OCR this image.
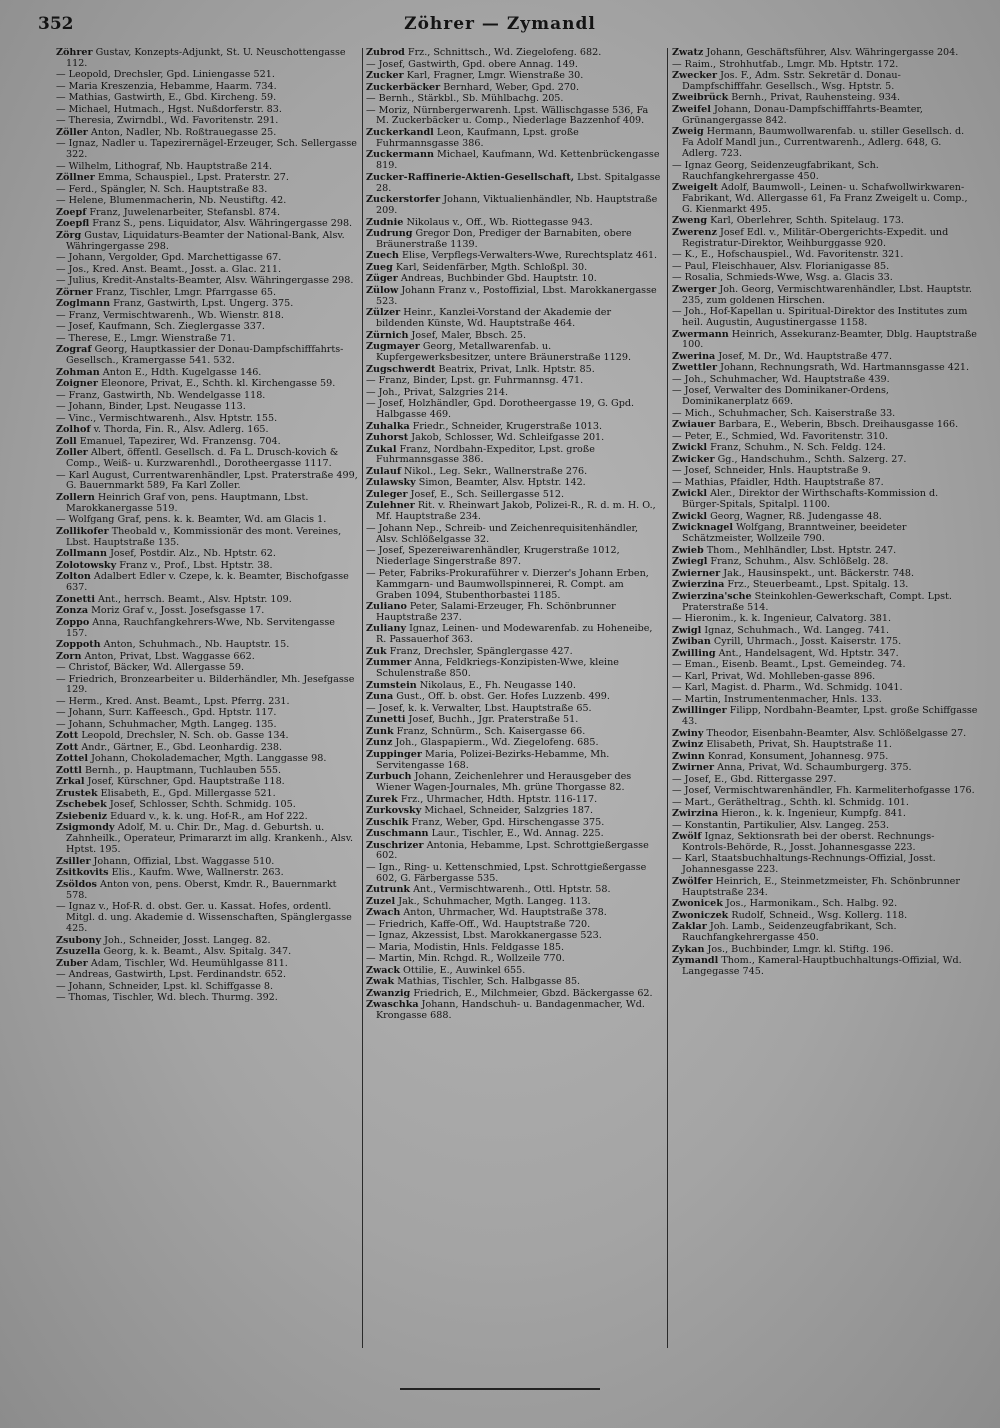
352	Zöhrer — Zymandl
Zöhrer Gustav, Konzepts-Adjunkt, St. U. Neuschottengasse 112.
— Leopold, Drechsler, Gpd. Liniengasse 521.
— Maria Kreszenzia, Hebamme, Haarm. 734.
— Mathias, Gastwirth, E., Gbd. Kircheng. 59.
— Michael, Hutmach., Hgst. Nußdorferstr. 83.
— Theresia, Zwirndbl., Wd. Favoritenstr. 291.
Zöller Anton, Nadler, Nb. Roßtrauegasse 25.
— Ignaz, Nadler u. Tapezirernägel-Erzeuger, Sch. Sellergasse 322.
— Wilhelm, Lithograf, Nb. Hauptstraße 214.
Zöllner Emma, Schauspiel., Lpst. Praterstr. 27.
— Ferd., Spängler, N. Sch. Hauptstraße 83.
— Helene, Blumenmacherin, Nb. Neustiftg. 42.
Zoepf Franz, Juwelenarbeiter, Stefansbl. 874.
Zoepfl Franz S., pens. Liquidator, Alsv. Währingergasse 298.
Zörg Gustav, Liquidaturs-Beamter der National-Bank, Alsv. Währingergasse 298.
— Johann, Vergolder, Gpd. Marchettigasse 67.
— Jos., Kred. Anst. Beamt., Josst. a. Glac. 211.
— Julius, Kredit-Anstalts-Beamter, Alsv. Währingergasse 298.
Zörner Franz, Tischler, Lmgr. Pfarrgasse 65.
Zoglmann Franz, Gastwirth, Lpst. Ungerg. 375.
— Franz, Vermischtwarenh., Wb. Wienstr. 818.
— Josef, Kaufmann, Sch. Zieglergasse 337.
— Therese, E., Lmgr. Wienstraße 71.
Zograf Georg, Hauptkassier der Donau-Dampfschifffahrts-Gesellsch., Kramergasse 541. 532.
Zohman Anton E., Hdth. Kugelgasse 146.
Zoigner Eleonore, Privat, E., Schth. kl. Kirchengasse 59.
— Franz, Gastwirth, Nb. Wendelgasse 118.
— Johann, Binder, Lpst. Neugasse 113.
— Vinc., Vermischtwarenh., Alsv. Hptstr. 155.
Zolhof v. Thorda, Fin. R., Alsv. Adlerg. 165.
Zoll Emanuel, Tapezirer, Wd. Franzensg. 704.
Zoller Albert, öffentl. Gesellsch. d. Fa L. Drusch-kovich & Comp., Weiß- u. Kurzwarenhdl., Dorotheergasse 1117.
— Karl August, Currentwarenhändler, Lpst. Praterstraße 499, G. Bauernmarkt 589, Fa Karl Zoller.
Zollern Heinrich Graf von, pens. Hauptmann, Lbst. Marokkanergasse 519.
— Wolfgang Graf, pens. k. k. Beamter, Wd. am Glacis 1.
Zollikofer Theobald v., Kommissionär des mont. Vereines, Lbst. Hauptstraße 135.
Zollmann Josef, Postdir. Alz., Nb. Hptstr. 62.
Zolotowsky Franz v., Prof., Lbst. Hptstr. 38.
Zolton Adalbert Edler v. Czepe, k. k. Beamter, Bischofgasse 637.
Zonetti Ant., herrsch. Beamt., Alsv. Hptstr. 109.
Zonza Moriz Graf v., Josst. Josefsgasse 17.
Zoppo Anna, Rauchfangkehrers-Wwe, Nb. Servitengasse 157.
Zoppoth Anton, Schuhmach., Nb. Hauptstr. 15.
Zorn Anton, Privat, Lbst. Waggasse 662.
— Christof, Bäcker, Wd. Allergasse 59.
— Friedrich, Bronzearbeiter u. Bilderhändler, Mh. Jesefgasse 129.
— Herm., Kred. Anst. Beamt., Lpst. Pferrg. 231.
— Johann, Surr. Kaffeesch., Gpd. Hptstr. 117.
— Johann, Schuhmacher, Mgth. Langeg. 135.
Zott Leopold, Drechsler, N. Sch. ob. Gasse 134.
Zott Andr., Gärtner, E., Gbd. Leonhardig. 238.
Zottel Johann, Chokolademacher, Mgth. Langgasse 98.
Zottl Bernh., p. Hauptmann, Tuchlauben 555.
Zrkal Josef, Kürschner, Gpd. Hauptstraße 118.
Zrustek Elisabeth, E., Gpd. Millergasse 521.
Zschebek Josef, Schlosser, Schth. Schmidg. 105.
Zsiebeniz Eduard v., k. k. ung. Hof-R., am Hof 222.
Zsigmondy Adolf, M. u. Chir. Dr., Mag. d. Geburtsh. u. Zahnheilk., Operateur, Primararzt im allg. Krankenh., Alsv. Hptst. 195.
Zsiller Johann, Offizial, Lbst. Waggasse 510.
Zsitkovits Elis., Kaufm. Wwe, Wallnerstr. 263.
Zsöldos Anton von, pens. Oberst, Kmdr. R., Bauernmarkt 578.
— Ignaz v., Hof-R. d. obst. Ger. u. Kassat. Hofes, ordentl. Mitgl. d. ung. Akademie d. Wissenschaften, Spänglergasse 425.
Zsubony Joh., Schneider, Josst. Langeg. 82.
Zsuzella Georg, k. k. Beamt., Alsv. Spitalg. 347.
Zuber Adam, Tischler, Wd. Heumühlgasse 811.
— Andreas, Gastwirth, Lpst. Ferdinandstr. 652.
— Johann, Schneider, Lpst. kl. Schiffgasse 8.
— Thomas, Tischler, Wd. blech. Thurmg. 392.
Zubrod Frz., Schnittsch., Wd. Ziegelofeng. 682.
— Josef, Gastwirth, Gpd. obere Annag. 149.
Zucker Karl, Fragner, Lmgr. Wienstraße 30.
Zuckerbäcker Bernhard, Weber, Gpd. 270.
— Bernh., Stärkbl., Sb. Mühlbachg. 205.
— Moriz, Nürnbergerwarenh. Lpst. Wällischgasse 536, Fa M. Zuckerbäcker u. Comp., Niederlage Bazzenhof 409.
Zuckerkandl Leon, Kaufmann, Lpst. große Fuhrmannsgasse 386.
Zuckermann Michael, Kaufmann, Wd. Kettenbrückengasse 819.
Zucker-Raffinerie-Aktien-Gesellschaft, Lbst. Spitalgasse 28.
Zuckerstorfer Johann, Viktualienhändler, Nb. Hauptstraße 209.
Zudnie Nikolaus v., Off., Wb. Riottegasse 943.
Zudrung Gregor Don, Prediger der Barnabiten, obere Bräunerstraße 1139.
Zuech Elise, Verpflegs-Verwalters-Wwe, Rurechtsplatz 461.
Zueg Karl, Seidenfärber, Mgth. Schloßpl. 30.
Züger Andreas, Buchbinder Gbd. Hauptstr. 10.
Zülow Johann Franz v., Postoffizial, Lbst. Marokkanergasse 523.
Zülzer Heinr., Kanzlei-Vorstand der Akademie der bildenden Künste, Wd. Hauptstraße 464.
Zürnich Josef, Maler, Bbsch. 25.
Zugmayer Georg, Metallwarenfab. u. Kupfergewerksbesitzer, untere Bräunerstraße 1129.
Zugschwerdt Beatrix, Privat, Lnlk. Hptstr. 85.
— Franz, Binder, Lpst. gr. Fuhrmannsg. 471.
— Joh., Privat, Salzgries 214.
— Josef, Holzhändler, Gpd. Dorotheergasse 19, G. Gpd. Halbgasse 469.
Zuhalka Friedr., Schneider, Krugerstraße 1013.
Zuhorst Jakob, Schlosser, Wd. Schleifgasse 201.
Zukal Franz, Nordbahn-Expeditor, Lpst. große Fuhrmannsgasse 386.
Zulauf Nikol., Leg. Sekr., Wallnerstraße 276.
Zulawsky Simon, Beamter, Alsv. Hptstr. 142.
Zuleger Josef, E., Sch. Seillergasse 512.
Zulehner Rit. v. Rheinwart Jakob, Polizei-R., R. d. m. H. O., Mf. Hauptstraße 234.
— Johann Nep., Schreib- und Zeichenrequisitenhändler, Alsv. Schlößelgasse 32.
— Josef, Spezereiwarenhändler, Krugerstraße 1012, Niederlage Singerstraße 897.
— Peter, Fabriks-Prokuraführer v. Dierzer's Johann Erben, Kammgarn- und Baumwollspinnerei, R. Compt. am Graben 1094, Stubenthorbastei 1185.
Zuliano Peter, Salami-Erzeuger, Fh. Schönbrunner Hauptstraße 237.
Zuliany Ignaz, Leinen- und Modewarenfab. zu Hoheneibe, R. Passauerhof 363.
Zuk Franz, Drechsler, Spänglergasse 427.
Zummer Anna, Feldkriegs-Konzipisten-Wwe, kleine Schulenstraße 850.
Zumstein Nikolaus, E., Fh. Neugasse 140.
Zuna Gust., Off. b. obst. Ger. Hofes Luzzenb. 499.
— Josef, k. k. Verwalter, Lbst. Hauptstraße 65.
Zunetti Josef, Buchh., Jgr. Praterstraße 51.
Zunk Franz, Schnürm., Sch. Kaisergasse 66.
Zunz Joh., Glaspapierm., Wd. Ziegelofeng. 685.
Zuppinger Maria, Polizei-Bezirks-Hebamme, Mh. Servitengasse 168.
Zurbuch Johann, Zeichenlehrer und Herausgeber des Wiener Wagen-Journales, Mh. grüne Thorgasse 82.
Zurek Frz., Uhrmacher, Hdth. Hptstr. 116-117.
Zurkovsky Michael, Schneider, Salzgries 187.
Zuschik Franz, Weber, Gpd. Hirschengasse 375.
Zuschmann Laur., Tischler, E., Wd. Annag. 225.
Zuschrizer Antonia, Hebamme, Lpst. Schrottgießergasse 602.
— Ign., Ring- u. Kettenschmied, Lpst. Schrottgießergasse 602, G. Färbergasse 535.
Zutrunk Ant., Vermischtwarenh., Ottl. Hptstr. 58.
Zuzel Jak., Schuhmacher, Mgth. Langeg. 113.
Zwach Anton, Uhrmacher, Wd. Hauptstraße 378.
— Friedrich, Kaffe-Off., Wd. Hauptstraße 720.
— Ignaz, Akzessist, Lbst. Marokkanergasse 523.
— Maria, Modistin, Hnls. Feldgasse 185.
— Martin, Min. Rchgd. R., Wollzeile 770.
Zwack Ottilie, E., Auwinkel 655.
Zwak Mathias, Tischler, Sch. Halbgasse 85.
Zwanzig Friedrich, E., Milchmeier, Gbzd. Bäckergasse 62.
Zwaschka Johann, Handschuh- u. Bandagenmacher, Wd. Krongasse 688.
Zwatz Johann, Geschäftsführer, Alsv. Währingergasse 204.
— Raim., Strohhutfab., Lmgr. Mb. Hptstr. 172.
Zwecker Jos. F., Adm. Sstr. Sekretär d. Donau-Dampfschifffahr. Gesellsch., Wsg. Hptstr. 5.
Zweibrück Bernh., Privat, Rauhensteing. 934.
Zweifel Johann, Donau-Dampfschifffahrts-Beamter, Grünangergasse 842.
Zweig Hermann, Baumwollwarenfab. u. stiller Gesellsch. d. Fa Adolf Mandl jun., Currentwarenh., Adlerg. 648, G. Adlerg. 723.
— Ignaz Georg, Seidenzeugfabrikant, Sch. Rauchfangkehrergasse 450.
Zweigelt Adolf, Baumwoll-, Leinen- u. Schafwollwirkwaren-Fabrikant, Wd. Allergasse 61, Fa Franz Zweigelt u. Comp., G. Kienmarkt 495.
Zweng Karl, Oberlehrer, Schth. Spitelaug. 173.
Zwerenz Josef Edl. v., Militär-Obergerichts-Expedit. und Registratur-Direktor, Weihburggasse 920.
— K., E., Hofschauspiel., Wd. Favoritenstr. 321.
— Paul, Fleischhauer, Alsv. Florianigasse 85.
— Rosalia, Schmieds-Wwe, Wsg. a. Glacis 33.
Zwerger Joh. Georg, Vermischtwarenhändler, Lbst. Hauptstr. 235, zum goldenen Hirschen.
— Joh., Hof-Kapellan u. Spiritual-Direktor des Institutes zum heil. Augustin, Augustinergasse 1158.
Zwermann Heinrich, Assekuranz-Beamter, Dblg. Hauptstraße 100.
Zwerina Josef, M. Dr., Wd. Hauptstraße 477.
Zwettler Johann, Rechnungsrath, Wd. Hartmannsgasse 421.
— Joh., Schuhmacher, Wd. Hauptstraße 439.
— Josef, Verwalter des Dominikaner-Ordens, Dominikanerplatz 669.
— Mich., Schuhmacher, Sch. Kaiserstraße 33.
Zwiauer Barbara, E., Weberin, Bbsch. Dreihausgasse 166.
— Peter, E., Schmied, Wd. Favoritenstr. 310.
Zwickl Franz, Schuhm., N. Sch. Feldg. 124.
Zwicker Gg., Handschuhm., Schth. Salzerg. 27.
— Josef, Schneider, Hnls. Hauptstraße 9.
— Mathias, Pfaidler, Hdth. Hauptstraße 87.
Zwickl Aler., Direktor der Wirthschafts-Kommission d. Bürger-Spitals, Spitalpl. 1100.
Zwickl Georg, Wagner, Rß. Judengasse 48.
Zwicknagel Wolfgang, Branntweiner, beeideter Schätzmeister, Wollzeile 790.
Zwieb Thom., Mehlhändler, Lbst. Hptstr. 247.
Zwiegl Franz, Schuhm., Alsv. Schlößelg. 28.
Zwierner Jak., Hausinspekt., unt. Bäckerstr. 748.
Zwierzina Frz., Steuerbeamt., Lpst. Spitalg. 13.
Zwierzina'sche Steinkohlen-Gewerkschaft, Compt. Lpst. Praterstraße 514.
— Hieronim., k. k. Ingenieur, Calvatorg. 381.
Zwigl Ignaz, Schuhmach., Wd. Langeg. 741.
Zwiban Cyrill, Uhrmach., Josst. Kaiserstr. 175.
Zwilling Ant., Handelsagent, Wd. Hptstr. 347.
— Eman., Eisenb. Beamt., Lpst. Gemeindeg. 74.
— Karl, Privat, Wd. Mohlleben-gasse 896.
— Karl, Magist. d. Pharm., Wd. Schmidg. 1041.
— Martin, Instrumentenmacher, Hnls. 133.
Zwillinger Filipp, Nordbahn-Beamter, Lpst. große Schiffgasse 43.
Zwiny Theodor, Eisenbahn-Beamter, Alsv. Schlößelgasse 27.
Zwinz Elisabeth, Privat, Sh. Hauptstraße 11.
Zwinn Konrad, Konsument, Johannesg. 975.
Zwirner Anna, Privat, Wd. Schaumburgerg. 375.
— Josef, E., Gbd. Rittergasse 297.
— Josef, Vermischtwarenhändler, Fh. Karmeliterhofgasse 176.
— Mart., Gerätheltrag., Schth. kl. Schmidg. 101.
Zwirzina Hieron., k. k. Ingenieur, Kumpfg. 841.
— Konstantin, Partikulier, Alsv. Langeg. 253.
Zwölf Ignaz, Sektionsrath bei der oberst. Rechnungs-Kontrols-Behörde, R., Josst. Johannesgasse 223.
— Karl, Staatsbuchhaltungs-Rechnungs-Offizial, Josst. Johannesgasse 223.
Zwölfer Heinrich, E., Steinmetzmeister, Fh. Schönbrunner Hauptstraße 234.
Zwonicek Jos., Harmonikam., Sch. Halbg. 92.
Zwoniczek Rudolf, Schneid., Wsg. Kollerg. 118.
Zaklar Joh. Lamb., Seidenzeugfabrikant, Sch. Rauchfangkehrergasse 450.
Zykan Jos., Buchbinder, Lmgr. kl. Stiftg. 196.
Zymandl Thom., Kameral-Hauptbuchhaltungs-Offizial, Wd. Langegasse 745.
